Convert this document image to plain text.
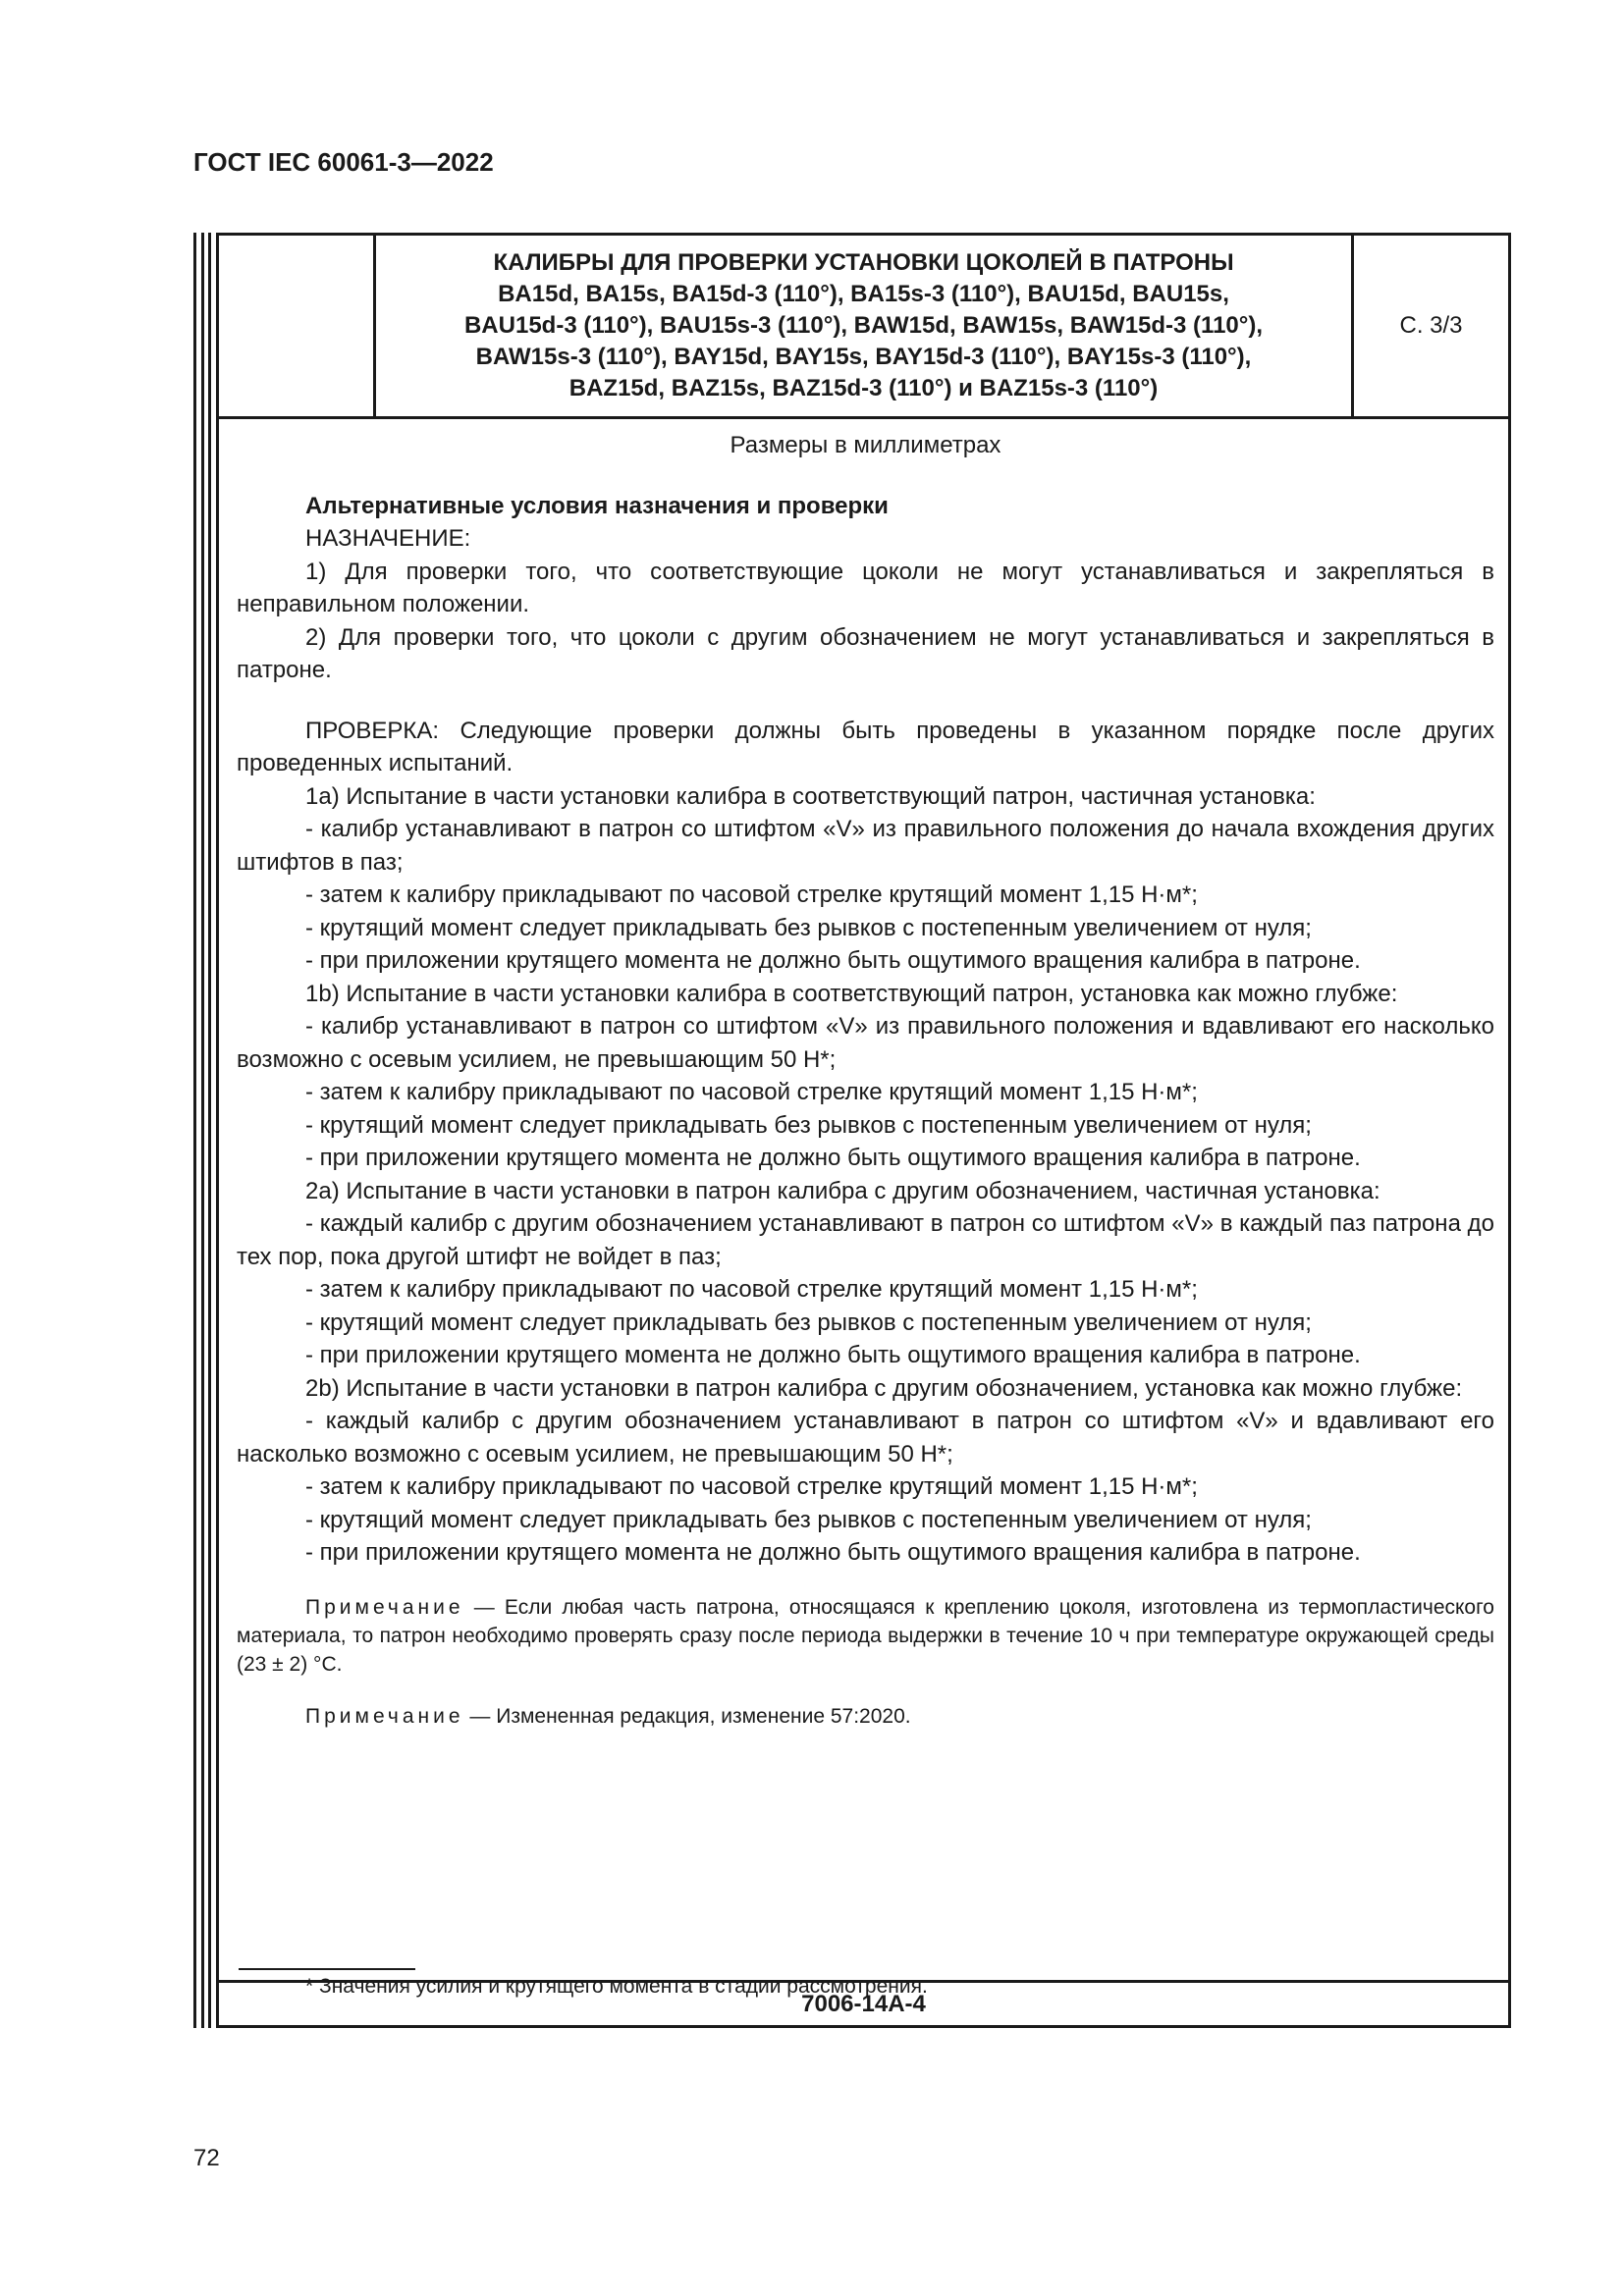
ГОСТ IEC 60061-3—2022
КАЛИБРЫ ДЛЯ ПРОВЕРКИ УСТАНОВКИ ЦОКОЛЕЙ В ПАТРОНЫ
BA15d, BA15s, BA15d-3 (110°), BA15s-3 (110°), BAU15d, BAU15s,
BAU15d-3 (110°), BAU15s-3 (110°), BAW15d, BAW15s, BAW15d-3 (110°),
BAW15s-3 (110°), BAY15d, BAY15s, BAY15d-3 (110°), BAY15s-3 (110°),
BAZ15d, BAZ15s, BAZ15d-3 (110°) и BAZ15s-3 (110°)
С. 3/3
Размеры в миллиметрах

Альтернативные условия назначения и проверки

НАЗНАЧЕНИЕ:

1) Для проверки того, что соответствующие цоколи не могут устанавливаться и закрепляться в неправильном положении.

2) Для проверки того, что цоколи с другим обозначением не могут устанавливаться и закрепляться в патроне.

ПРОВЕРКА: Следующие проверки должны быть проведены в указанном порядке после других проведенных испытаний.

1a) Испытание в части установки калибра в соответствующий патрон, частичная установка:

- калибр устанавливают в патрон со штифтом «V» из правильного положения до начала вхождения других штифтов в паз;

- затем к калибру прикладывают по часовой стрелке крутящий момент 1,15 Н·м*;

- крутящий момент следует прикладывать без рывков с постепенным увеличением от нуля;

- при приложении крутящего момента не должно быть ощутимого вращения калибра в патроне.

1b) Испытание в части установки калибра в соответствующий патрон, установка как можно глубже:

- калибр устанавливают в патрон со штифтом «V» из правильного положения и вдавливают его насколько возможно с осевым усилием, не превышающим 50 Н*;

- затем к калибру прикладывают по часовой стрелке крутящий момент 1,15 Н·м*;

- крутящий момент следует прикладывать без рывков с постепенным увеличением от нуля;

- при приложении крутящего момента не должно быть ощутимого вращения калибра в патроне.

2a) Испытание в части установки в патрон калибра с другим обозначением, частичная установка:

- каждый калибр с другим обозначением устанавливают в патрон со штифтом «V» в каждый паз патрона до тех пор, пока другой штифт не войдет в паз;

- затем к калибру прикладывают по часовой стрелке крутящий момент 1,15 Н·м*;

- крутящий момент следует прикладывать без рывков с постепенным увеличением от нуля;

- при приложении крутящего момента не должно быть ощутимого вращения калибра в патроне.

2b) Испытание в части установки в патрон калибра с другим обозначением, установка как можно глубже:

- каждый калибр с другим обозначением устанавливают в патрон со штифтом «V» и вдавливают его насколько возможно с осевым усилием, не превышающим 50 Н*;

- затем к калибру прикладывают по часовой стрелке крутящий момент 1,15 Н·м*;

- крутящий момент следует прикладывать без рывков с постепенным увеличением от нуля;

- при приложении крутящего момента не должно быть ощутимого вращения калибра в патроне.

Примечание — Если любая часть патрона, относящаяся к креплению цоколя, изготовлена из термопластического материала, то патрон необходимо проверять сразу после периода выдержки в течение 10 ч при температуре окружающей среды (23 ± 2) °С.

Примечание — Измененная редакция, изменение 57:2020.

* Значения усилия и крутящего момента в стадии рассмотрения.
7006-14A-4
72
